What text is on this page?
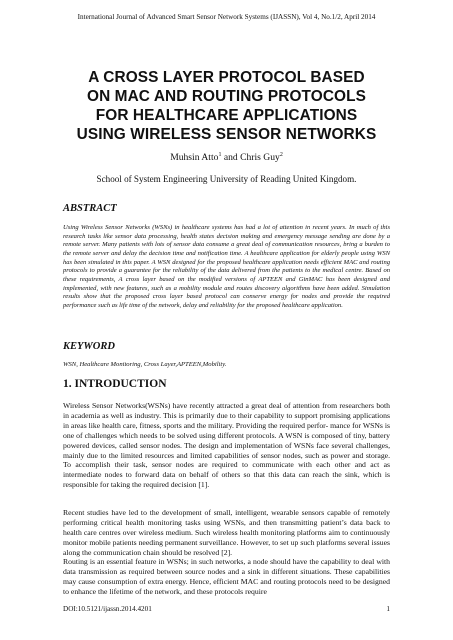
International Journal of Advanced Smart Sensor Network Systems (IJASSN), Vol 4, No.1/2, April 2014
A CROSS LAYER PROTOCOL BASED
ON MAC AND ROUTING PROTOCOLS
FOR HEALTHCARE APPLICATIONS
USING WIRELESS SENSOR NETWORKS
Muhsin Atto$^1$ and Chris Guy$^2$
School of System Engineering University of Reading United Kingdom.
ABSTRACT
Using Wireless Sensor Networks (WSNs) in healthcare systems has had a lot of attention in recent years. In much of this research tasks like sensor data processing, health states decision making and emergency message sending are done by a remote server. Many patients with lots of sensor data consume a great deal of communication resources, bring a burden to the remote server and delay the decision time and notification time. A healthcare application for elderly people using WSN has been simulated in this paper. A WSN designed for the proposed healthcare application needs efficient MAC and routing protocols to provide a guarantee for the reliability of the data delivered from the patients to the medical centre. Based on these requirements, A cross layer based on the modified versions of APTEEN and GinMAC has been designed and implemented, with new features, such as a mobility module and routes discovery algorithms have been added. Simulation results show that the proposed cross layer based protocol can conserve energy for nodes and provide the required performance such as life time of the network, delay and reliability for the proposed healthcare application.
KEYWORD
WSN, Healthcare Monitoring, Cross Layer,APTEEN,Mobility.
1. INTRODUCTION
Wireless Sensor Networks(WSNs) have recently attracted a great deal of attention from researchers both in academia as well as industry. This is primarily due to their capability to support promising applications in areas like health care, fitness, sports and the military. Providing the required perfor- mance for WSNs is one of challenges which needs to be solved using different protocols. A WSN is composed of tiny, battery powered devices, called sensor nodes. The design and implementation of WSNs face several challenges, mainly due to the limited resources and limited capabilities of sensor nodes, such as power and storage. To accomplish their task, sensor nodes are required to communicate with each other and act as intermediate nodes to forward data on behalf of others so that this data can reach the sink, which is responsible for taking the required decision [1].
Recent studies have led to the development of small, intelligent, wearable sensors capable of remotely performing critical health monitoring tasks using WSNs, and then transmitting patient’s data back to health care centres over wireless medium. Such wireless health monitoring platforms aim to continuously monitor mobile patients needing permanent surveillance. However, to set up such platforms several issues along the communication chain should be resolved [2].
Routing is an essential feature in WSNs; in such networks, a node should have the capability to deal with data transmission as required between source nodes and a sink in different situations. These capabilities may cause consumption of extra energy. Hence, efficient MAC and routing protocols need to be designed to enhance the lifetime of the network, and these protocols require
DOI:10.5121/ijassn.2014.4201	1
